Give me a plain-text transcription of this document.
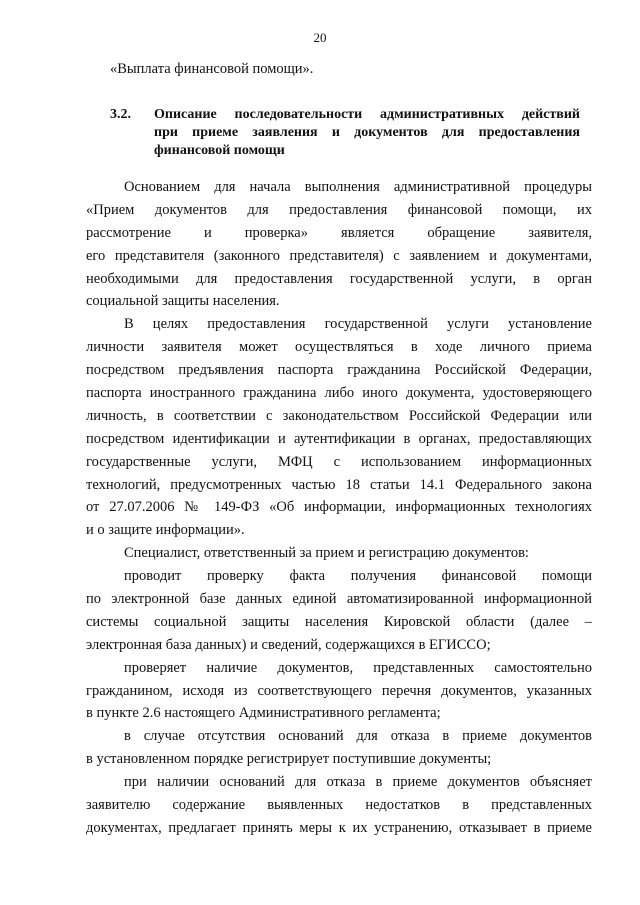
20
«Выплата финансовой помощи».
3.2. Описание последовательности административных действий
при приеме заявления и документов для предоставления
финансовой помощи
Основанием для начала выполнения административной процедуры
«Прием документов для предоставления финансовой помощи, их
рассмотрение и проверка» является обращение заявителя,
его представителя (законного представителя) с заявлением и документами,
необходимыми для предоставления государственной услуги, в орган
социальной защиты населения.
В целях предоставления государственной услуги установление
личности заявителя может осуществляться в ходе личного приема
посредством предъявления паспорта гражданина Российской Федерации,
паспорта иностранного гражданина либо иного документа, удостоверяющего
личность, в соответствии с законодательством Российской Федерации или
посредством идентификации и аутентификации в органах, предоставляющих
государственные услуги, МФЦ с использованием информационных
технологий, предусмотренных частью 18 статьи 14.1 Федерального закона
от 27.07.2006 № 149-ФЗ «Об информации, информационных технологиях
и о защите информации».
Специалист, ответственный за прием и регистрацию документов:
проводит проверку факта получения финансовой помощи
по электронной базе данных единой автоматизированной информационной
системы социальной защиты населения Кировской области (далее –
электронная база данных) и сведений, содержащихся в ЕГИССО;
проверяет наличие документов, представленных самостоятельно
гражданином, исходя из соответствующего перечня документов, указанных
в пункте 2.6 настоящего Административного регламента;
в случае отсутствия оснований для отказа в приеме документов
в установленном порядке регистрирует поступившие документы;
при наличии оснований для отказа в приеме документов объясняет
заявителю содержание выявленных недостатков в представленных
документах, предлагает принять меры к их устранению, отказывает в приеме
